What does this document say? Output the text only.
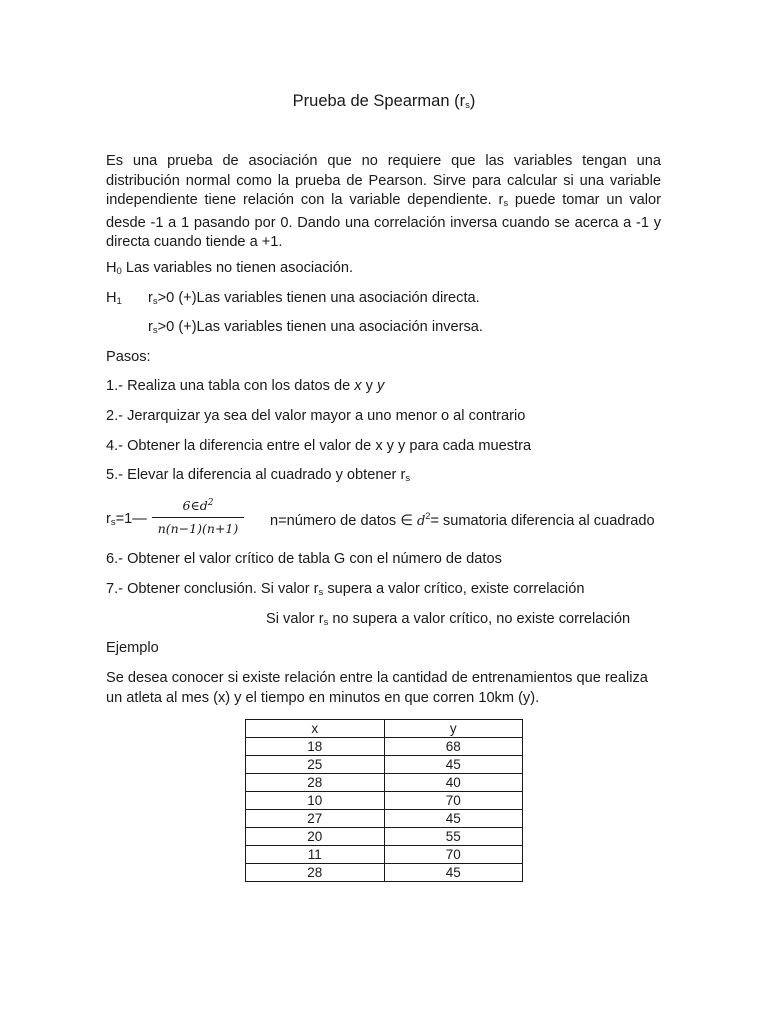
Prueba de Spearman $(r_s)$
Es una prueba de asociación que no requiere que las variables tengan una distribución normal como la prueba de Pearson. Sirve para calcular si una variable independiente tiene relación con la variable dependiente. $r_s$ puede tomar un valor desde -1 a 1 pasando por 0. Dando una correlación inversa cuando se acerca a -1 y directa cuando tiende a +1.
$H_0$ Las variables no tienen asociación.
$H_1$ $r_s>0$ (+)Las variables tienen una asociación directa.
$r_s>0$ (+)Las variables tienen una asociación inversa.
Pasos:
1.- Realiza una tabla con los datos de x y y
2.- Jerarquizar ya sea del valor mayor a uno menor o al contrario
4.- Obtener la diferencia entre el valor de x y y para cada muestra
5.- Elevar la diferencia al cuadrado y obtener $r_s$
$r_s=1—$
$6\in d^2$
n(n−1)(n+1)	n=número de datos ∈ $d^2=$ sumatoria diferencia al cuadrado
6.- Obtener el valor crítico de tabla G con el número de datos
7.- Obtener conclusión. Si valor $r_s$ supera a valor crítico, existe correlación
Si valor $r_s$ no supera a valor crítico, no existe correlación
Ejemplo
Se desea conocer si existe relación entre la cantidad de entrenamientos que realiza
un atleta al mes (x) y el tiempo en minutos en que corren 10km (y).
x	y
18	68
25	45
28	40
10	70
27	45
20	55
11	70
28	45
